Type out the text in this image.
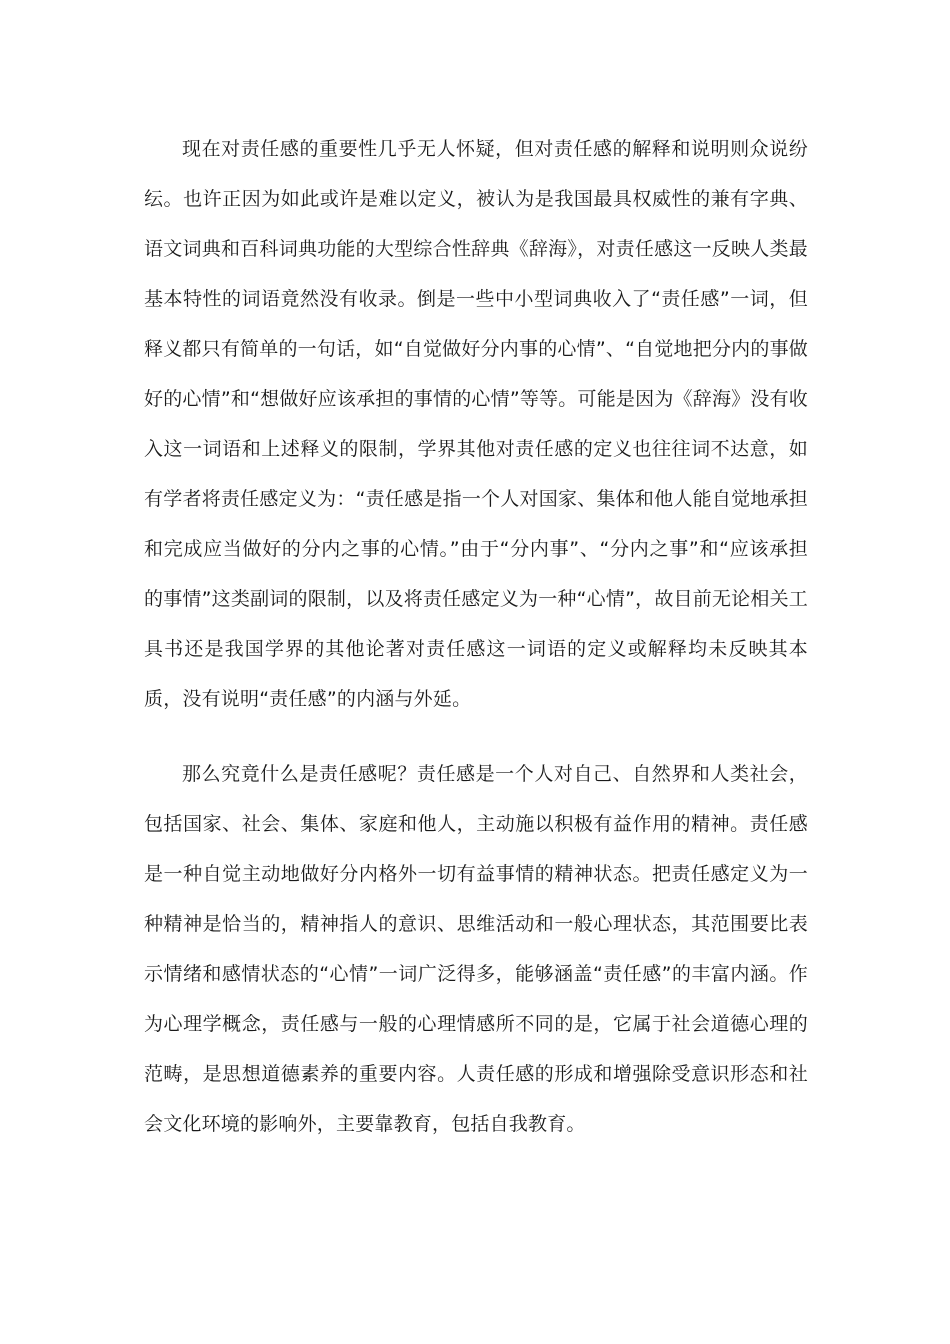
现在对责任感的重要性几乎无人怀疑，但对责任感的解释和说明则众说纷纭。也许正因为如此或许是难以定义，被认为是我国最具权威性的兼有字典、语文词典和百科词典功能的大型综合性辞典《辞海》，对责任感这一反映人类最基本特性的词语竟然没有收录。倒是一些中小型词典收入了“责任感”一词，但释义都只有简单的一句话，如“自觉做好分内事的心情”、“自觉地把分内的事做好的心情”和“想做好应该承担的事情的心情”等等。可能是因为《辞海》没有收入这一词语和上述释义的限制，学界其他对责任感的定义也往往词不达意，如有学者将责任感定义为：“责任感是指一个人对国家、集体和他人能自觉地承担和完成应当做好的分内之事的心情。”由于“分内事”、“分内之事”和“应该承担的事情”这类副词的限制，以及将责任感定义为一种“心情”，故目前无论相关工具书还是我国学界的其他论著对责任感这一词语的定义或解释均未反映其本质，没有说明“责任感”的内涵与外延。

那么究竟什么是责任感呢？责任感是一个人对自己、自然界和人类社会，包括国家、社会、集体、家庭和他人，主动施以积极有益作用的精神。责任感是一种自觉主动地做好分内格外一切有益事情的精神状态。把责任感定义为一种精神是恰当的，精神指人的意识、思维活动和一般心理状态，其范围要比表示情绪和感情状态的“心情”一词广泛得多，能够涵盖“责任感”的丰富内涵。作为心理学概念，责任感与一般的心理情感所不同的是，它属于社会道德心理的范畴，是思想道德素养的重要内容。人责任感的形成和增强除受意识形态和社会文化环境的影响外，主要靠教育，包括自我教育。
